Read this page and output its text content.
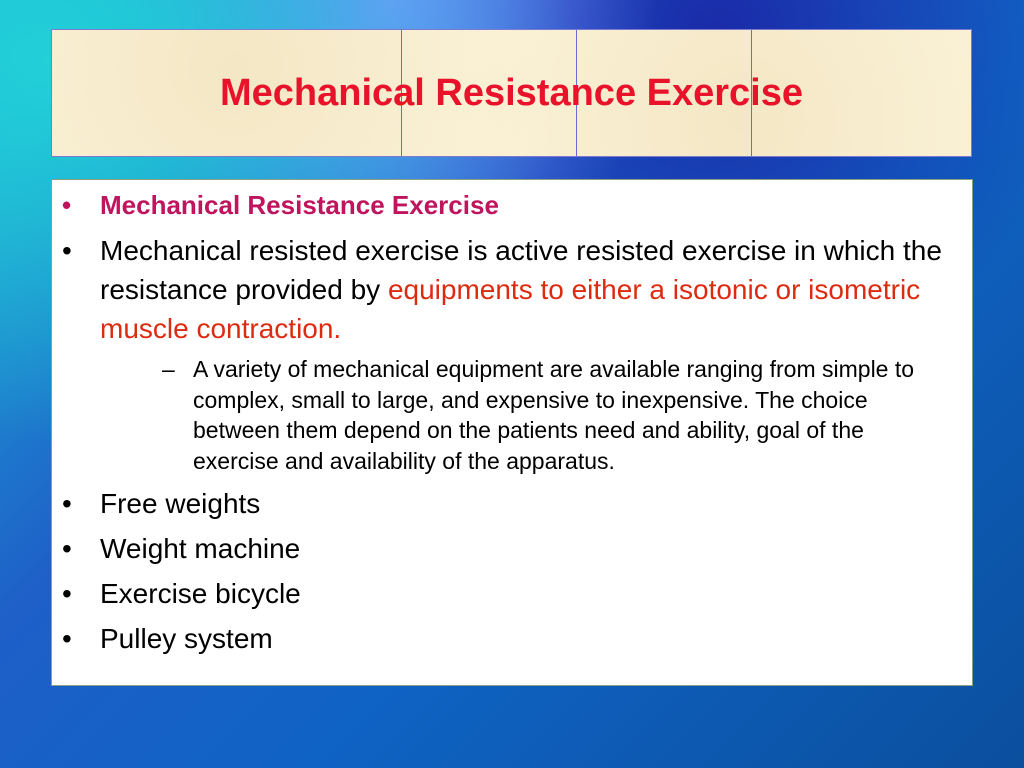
Mechanical Resistance Exercise
• Mechanical Resistance Exercise
• Mechanical resisted exercise is active resisted exercise in which the resistance provided by equipments to either a isotonic or isometric muscle contraction.
– A variety of mechanical equipment are available ranging from simple to complex, small to large, and expensive to inexpensive. The choice between them depend on the patients need and ability, goal of the exercise and availability of the apparatus.
• Free weights
• Weight machine
• Exercise bicycle
• Pulley system
